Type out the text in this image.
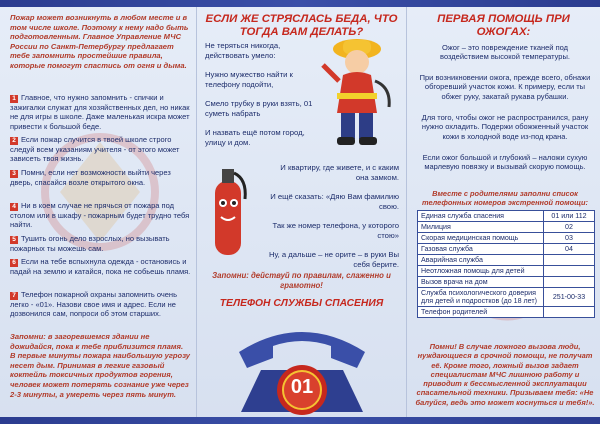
Пожар может возникнуть в любом месте и в том числе школе. Поэтому к нему надо быть подготовленным. Главное Управление МЧС России по Санкт-Петербургу предлагает тебе запомнить простейшие правила, которые помогут спастись от огня и дыма.

1 Главное, что нужно запомнить - спички и зажигалки служат для хозяйственных дел, но никак не для игры в школе. Даже маленькая искра может привести к большой беде.
2 Если пожар случится в твоей школе строго следуй всем указаниям учителя - от этого может зависеть твоя жизнь.
3 Помни, если нет возможности выйти через дверь, спасайся возле открытого окна.
4 Ни в коем случае не прячься от пожара под столом или в шкафу - пожарным будет трудно тебя найти.
5 Тушить огонь дело взрослых, но вызывать пожарных ты можешь сам.
6 Если на тебе вспыхнула одежда - остановись и падай на землю и катайся, пока не собьешь пламя.
7 Телефон пожарной охраны запомнить очень легко - «01». Назови свое имя и адрес. Если не дозвонился сам, попроси об этом старших.

Запомни: в загоревшемся здании не дожидайся, пока к тебе приблизится пламя. В первые минуты пожара наибольшую угрозу несет дым. Принимая в легкие газовый коктейль токсичных продуктов горения, человек может потерять сознание уже через 2-3 минуты, а умереть через пять минут.

ЕСЛИ ЖЕ СТРЯСЛАСЬ БЕДА, ЧТО ТОГДА ВАМ ДЕЛАТЬ?
Не теряться никогда, действовать умело:

Нужно мужество найти к телефону подойти,

Смело трубку в руки взять, 01 суметь набрать

И назвать ещё потом город, улицу и дом.
И квартиру, где живете, и с каким она замком.

И ещё сказать: «Дяю Вам фамилию свою.

Так же номер телефона, у которого стою»

Ну, а дальше – не орите – в руки Вы себя берите.
Запомни: действуй по правилам, слаженно и грамотно!
ТЕЛЕФОН СЛУЖБЫ СПАСЕНИЯ
01
ПЕРВАЯ ПОМОЩЬ ПРИ ОЖОГАХ:

Ожог – это повреждение тканей под воздействием высокой температуры.

При возникновении ожога, прежде всего, обнажи обгоревший участок кожи. К примеру, если ты обжег руку, закатай рукава рубашки.

Для того, чтобы ожог не распространился, рану нужно охладить. Подержи обожженный участок кожи в холодной воде из-под крана.

Если ожог большой и глубокий – наложи сухую марлевую повязку и вызывай скорую помощь.

Вместе с родителями заполни список телефонных номеров экстренной помощи:
Единая служба спасения	01 или 112
Милиция	02
Скорая медицинская помощь	03
Газовая служба	04
Аварийная служба	
Неотложная помощь для детей	
Вызов врача на дом	
Служба психологического доверия для детей и подростков (до 18 лет)	251-00-33
Телефон родителей	

Помни! В случае ложного вызова люди, нуждающиеся в срочной помощи, не получат её. Кроме того, ложный вызов задает специалистам МЧС лишнюю работу и приводит к бессмысленной эксплуатации спасательной техники. Призываем тебя: «Не балуйся, ведь это может коснуться и тебя!».
